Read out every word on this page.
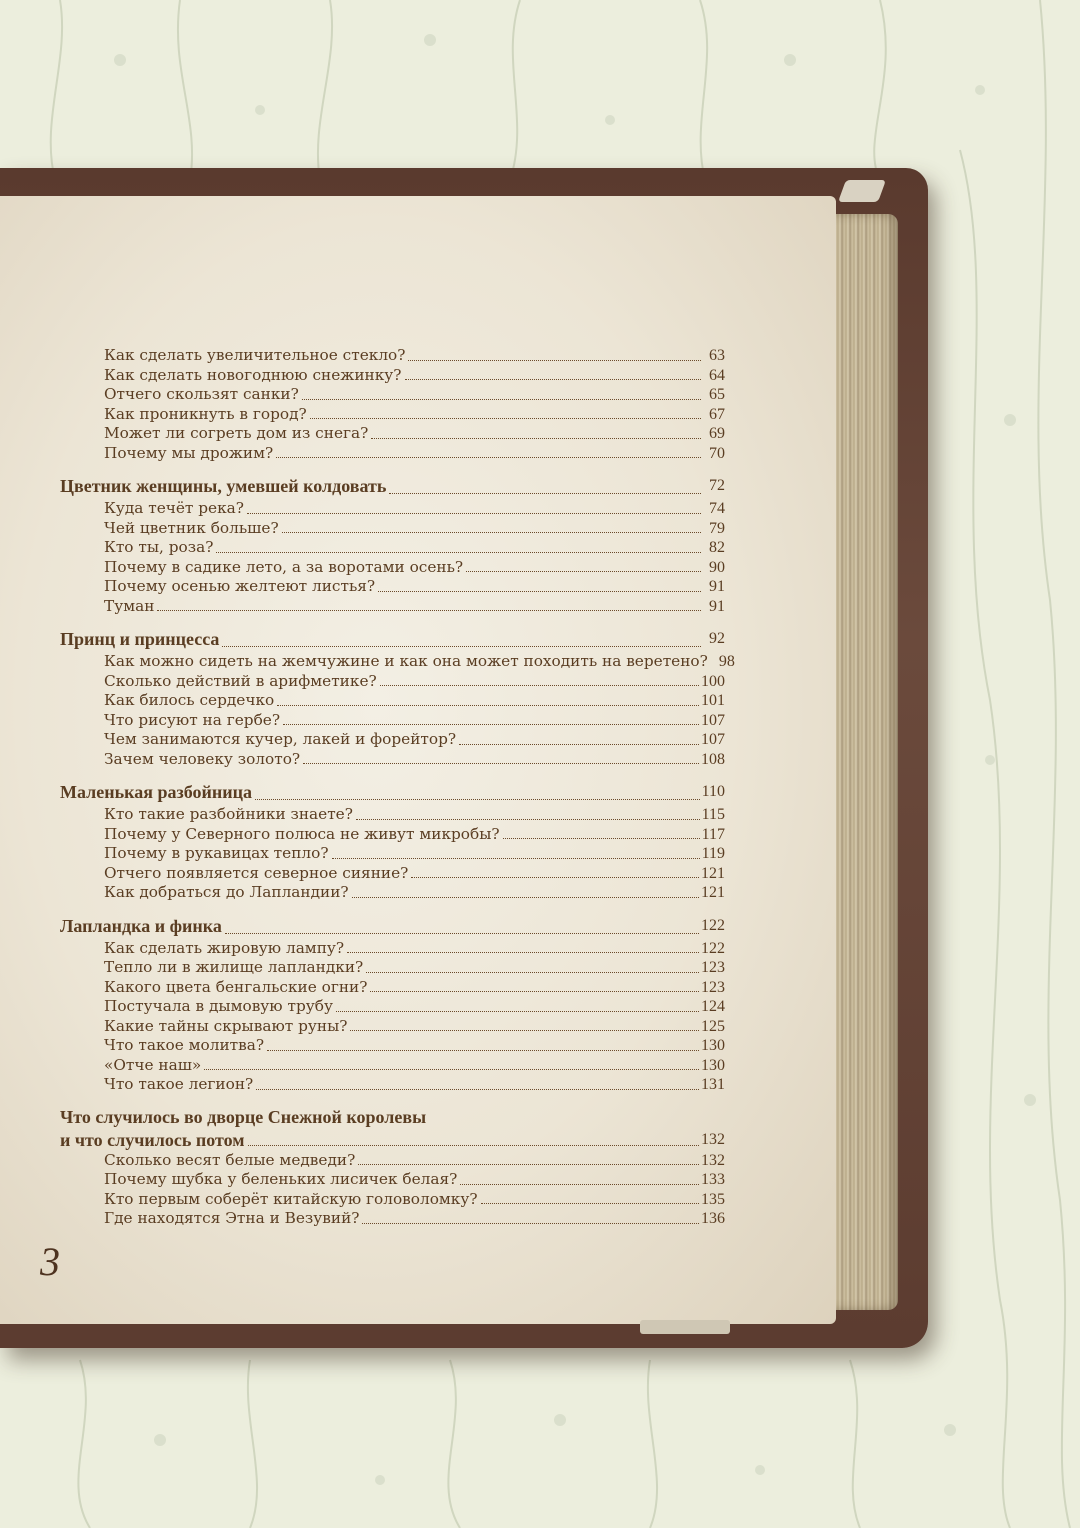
Как сделать увеличительное стекло?	63
Как сделать новогоднюю снежинку?	64
Отчего скользят санки?	65
Как проникнуть в город?	67
Может ли согреть дом из снега?	69
Почему мы дрожим?	70
Цветник женщины, умевшей колдовать	72
Куда течёт река?	74
Чей цветник больше?	79
Кто ты, роза?	82
Почему в садике лето, а за воротами осень?	90
Почему осенью желтеют листья?	91
Туман	91
Принц и принцесса	92
Как можно сидеть на жемчужине и как она может походить на веретено? 98
Сколько действий в арифметике?	100
Как билось сердечко	101
Что рисуют на гербе?	107
Чем занимаются кучер, лакей и форейтор?	107
Зачем человеку золото?	108
Маленькая разбойница	110
Кто такие разбойники знаете?	115
Почему у Северного полюса не живут микробы?	117
Почему в рукавицах тепло?	119
Отчего появляется северное сияние?	121
Как добраться до Лапландии?	121
Лапландка и финка	122
Как сделать жировую лампу?	122
Тепло ли в жилище лапландки?	123
Какого цвета бенгальские огни?	123
Постучала в дымовую трубу	124
Какие тайны скрывают руны?	125
Что такое молитва?	130
«Отче наш»	130
Что такое легион?	131
Что случилось во дворце Снежной королевы
и что случилось потом	132
Сколько весят белые медведи?	132
Почему шубка у беленьких лисичек белая?	133
Кто первым соберёт китайскую головоломку?	135
Где находятся Этна и Везувий?	136
3
